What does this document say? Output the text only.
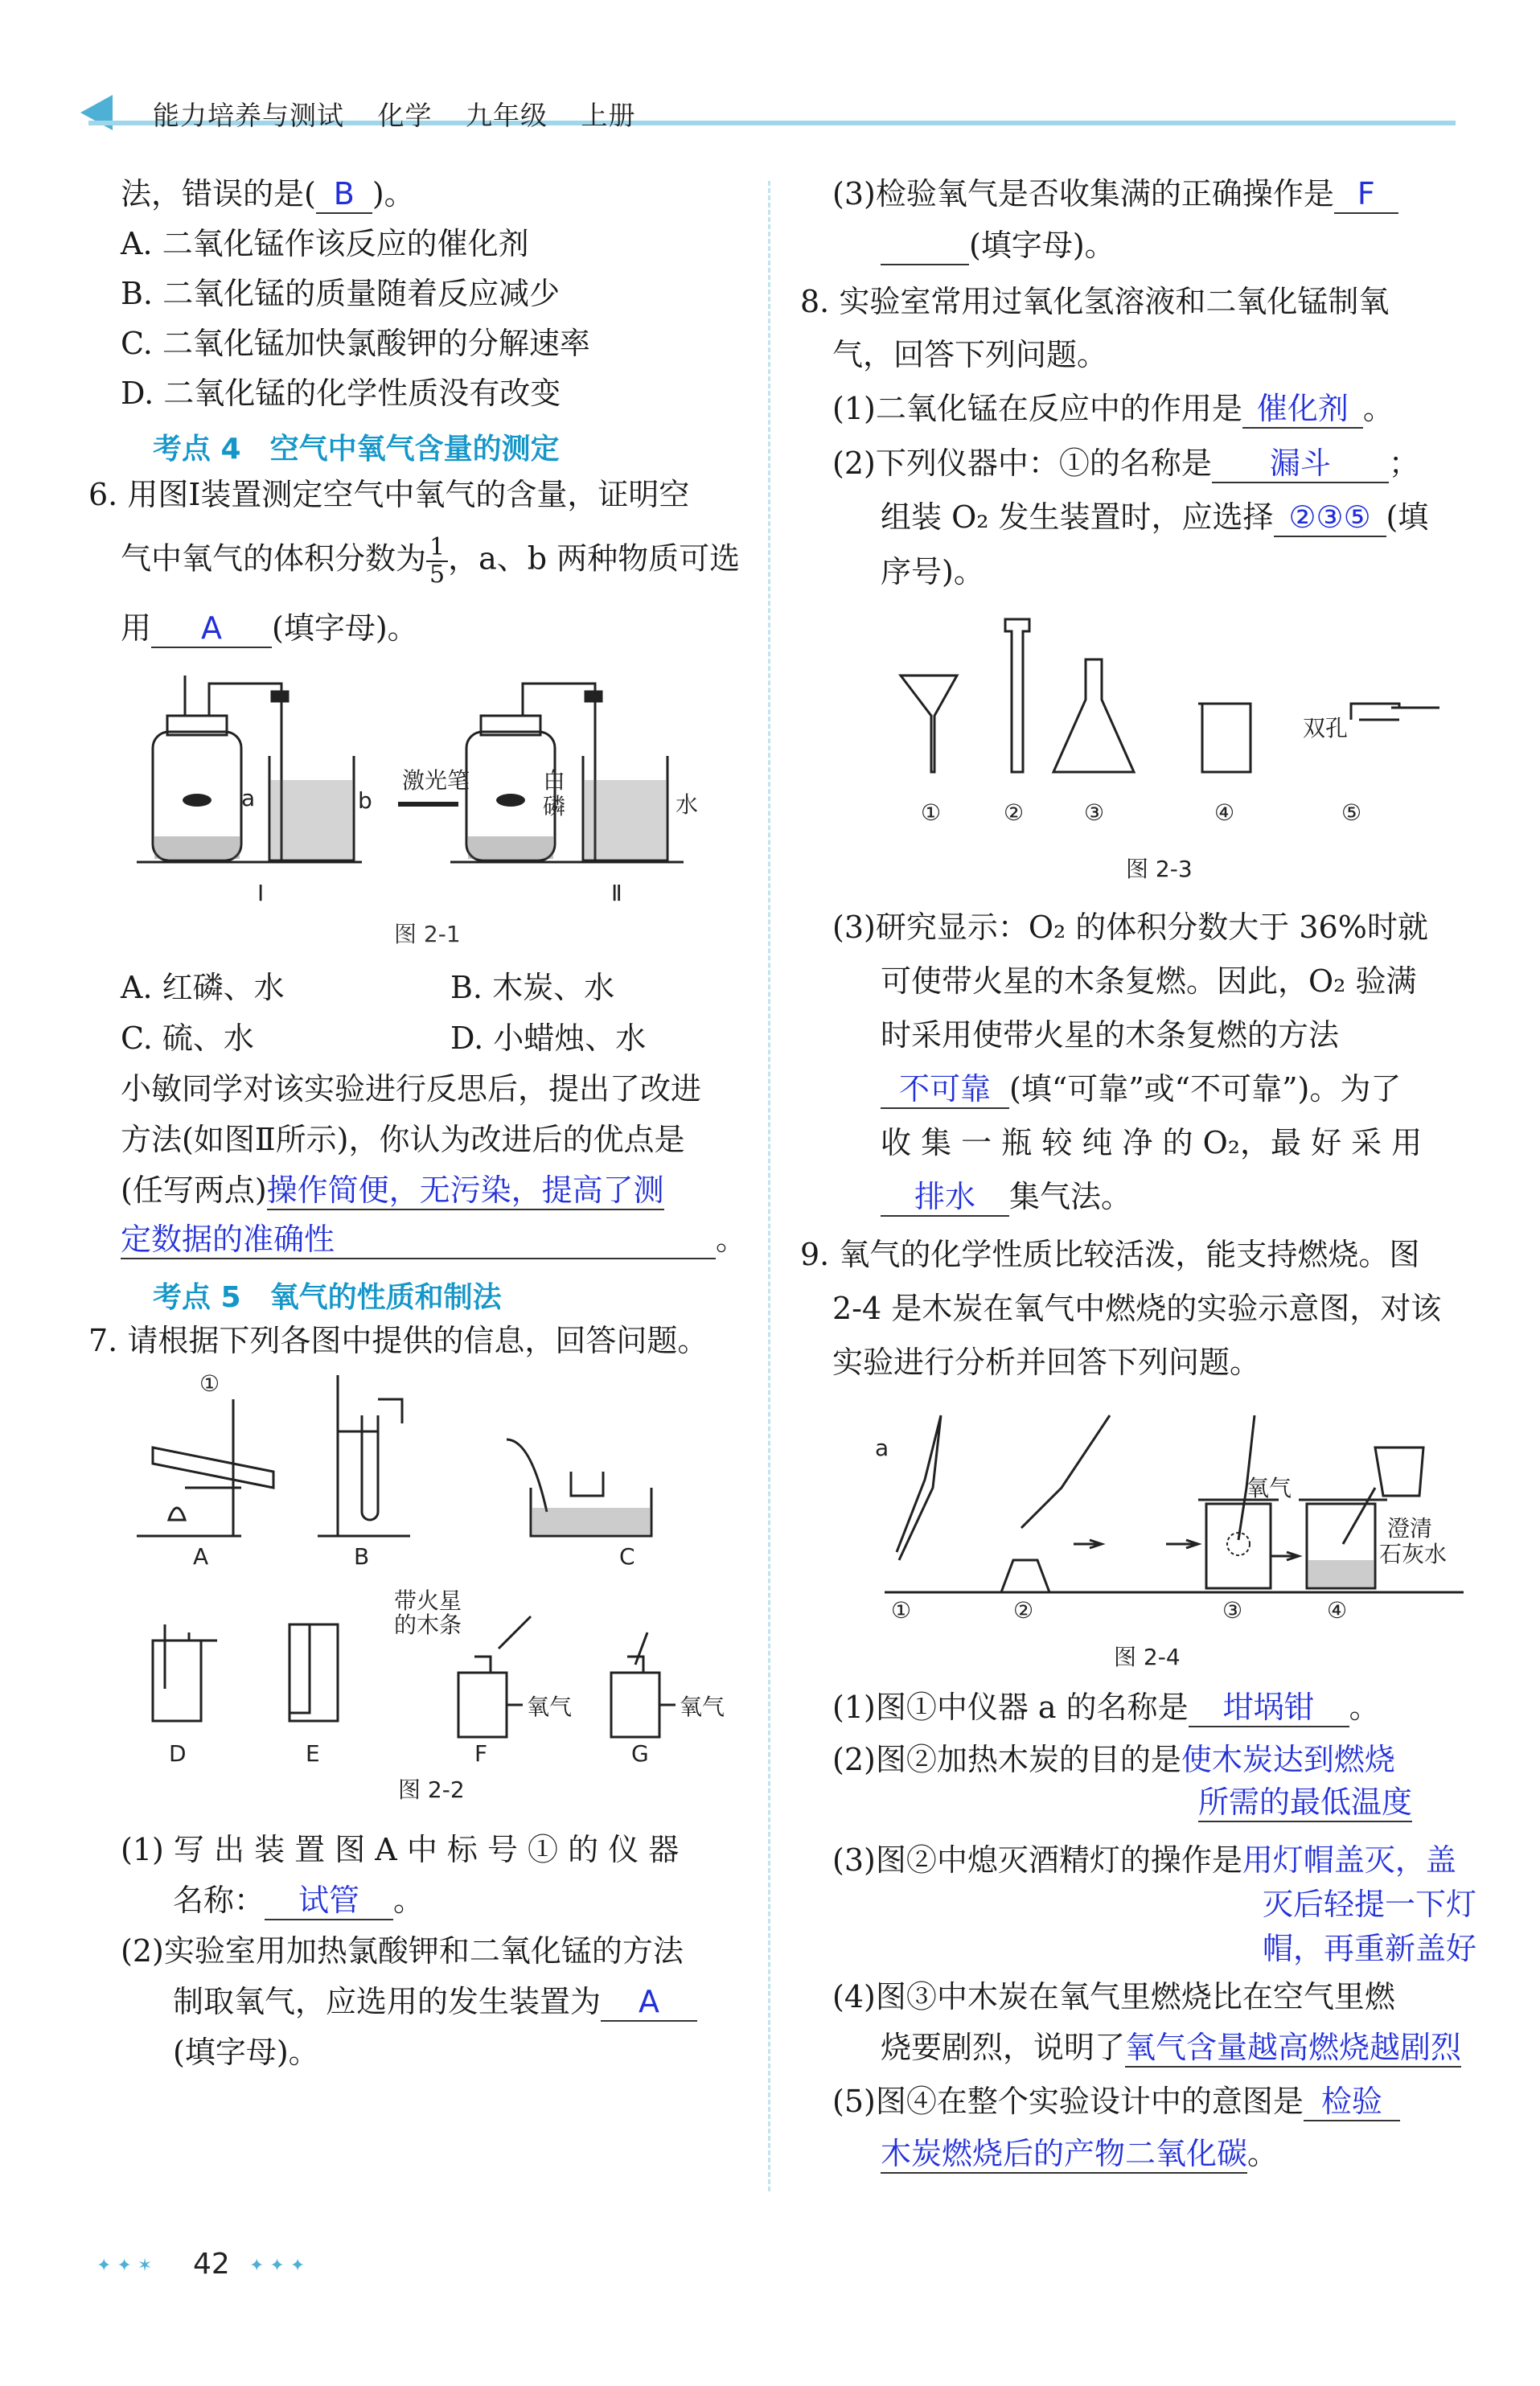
能力培养与测试 化学 九年级 上册
法，错误的是( B )。
A. 二氧化锰作该反应的催化剂
B. 二氧化锰的质量随着反应减少
C. 二氧化锰加快氯酸钾的分解速率
D. 二氧化锰的化学性质没有改变
考点 4　空气中氧气含量的测定
6. 用图Ⅰ装置测定空气中氧气的含量，证明空
气中氧气的体积分数为 $\frac{1}{5}$，a、b 两种物质可选
用 A (填字母)。
a	b
激光笔	白
磷	水
Ⅰ	Ⅱ
图 2-1
A. 红磷、水	B. 木炭、水
C. 硫、水	D. 小蜡烛、水
小敏同学对该实验进行反思后，提出了改进
方法(如图Ⅱ所示)，你认为改进后的优点是
(任写两点)操作简便，无污染，提高了测
定数据的准确性	。
考点 5　氧气的性质和制法
7. 请根据下列各图中提供的信息，回答问题。
①
A	B	C
D	E
带火星
的木条
氧气	氧气
F	G
图 2-2
(1) 写 出 装 置 图 A 中 标 号 ① 的 仪 器
名称： 试管 。
(2)实验室用加热氯酸钾和二氧化锰的方法
制取氧气，应选用的发生装置为 A
(填字母)。
(3)检验氧气是否收集满的正确操作是 F
(填字母)。
8. 实验室常用过氧化氢溶液和二氧化锰制氧
气，回答下列问题。
(1)二氧化锰在反应中的作用是 催化剂 。
(2)下列仪器中：①的名称是 漏斗 ；
组装 O₂ 发生装置时，应选择 ②③⑤ (填
序号)。
双孔
①	②	③	④	⑤
图 2-3
(3)研究显示：O₂ 的体积分数大于 36%时就
可使带火星的木条复燃。因此，O₂ 验满
时采用使带火星的木条复燃的方法
不可靠 (填“可靠”或“不可靠”)。为了
收 集 一 瓶 较 纯 净 的 O₂，最 好 采 用
排水 集气法。
9. 氧气的化学性质比较活泼，能支持燃烧。图
2-4 是木炭在氧气中燃烧的实验示意图，对该
实验进行分析并回答下列问题。
a
氧气
澄清
石灰水
①	②	③	④
图 2-4
(1)图①中仪器 a 的名称是 坩埚钳 。
(2)图②加热木炭的目的是使木炭达到燃烧
所需的最低温度
(3)图②中熄灭酒精灯的操作是用灯帽盖灭，盖
灭后轻提一下灯
帽，再重新盖好
(4)图③中木炭在氧气里燃烧比在空气里燃
烧要剧烈，说明了氧气含量越高燃烧越剧烈
(5)图④在整个实验设计中的意图是 检验
木炭燃烧后的产物二氧化碳。
✦ ✦ ✶ 42 ✦ ✦ ✦
